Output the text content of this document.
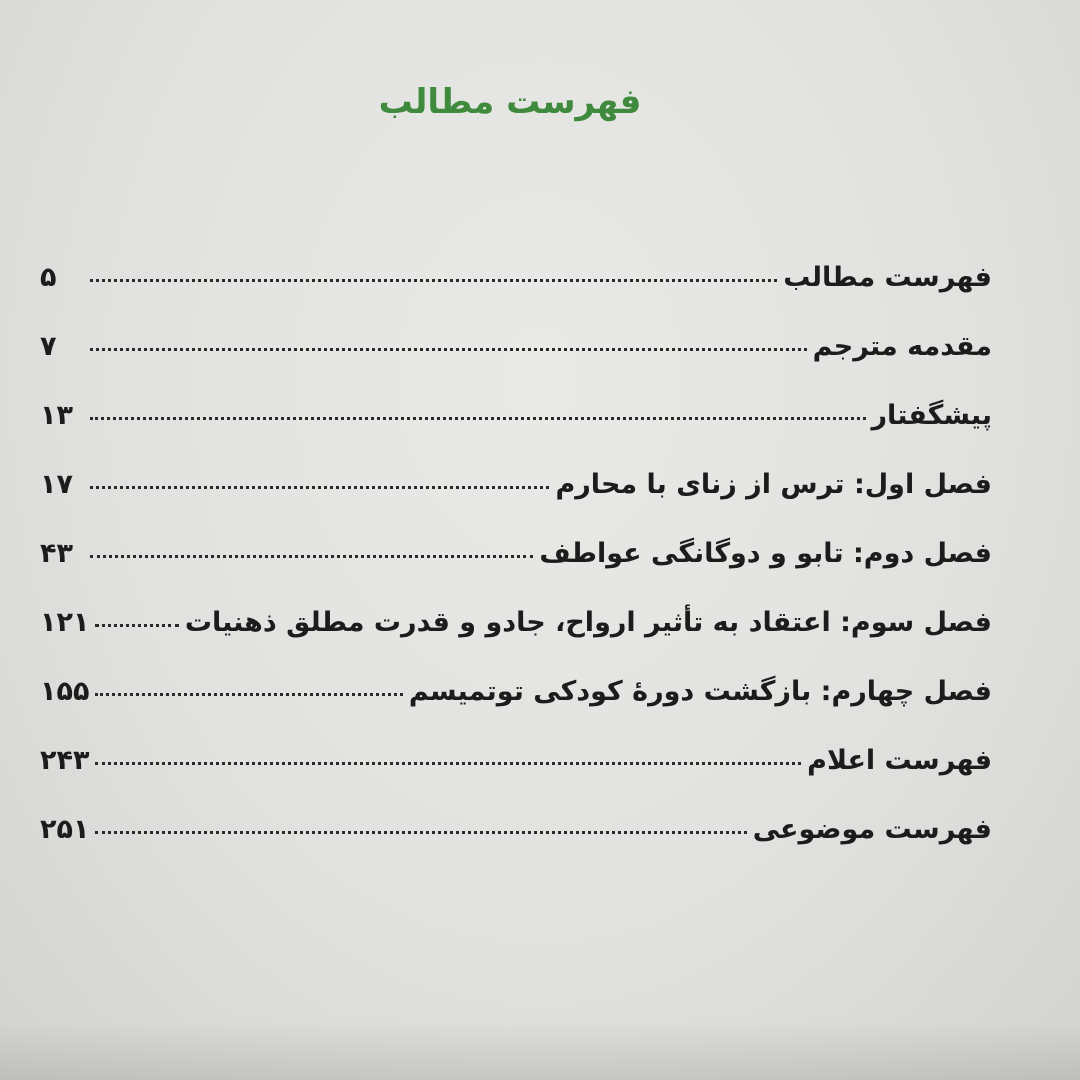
فهرست مطالب
فهرست مطالب
۵
مقدمه مترجم
۷
پیشگفتار
۱۳
فصل اول: ترس از زنای با محارم
۱۷
فصل دوم: تابو و دوگانگی عواطف
۴۳
فصل سوم: اعتقاد به تأثیر ارواح، جادو و قدرت مطلق ذهنیات
۱۲۱
فصل چهارم: بازگشت دورهٔ کودکی توتمیسم
۱۵۵
فهرست اعلام
۲۴۳
فهرست موضوعی
۲۵۱
